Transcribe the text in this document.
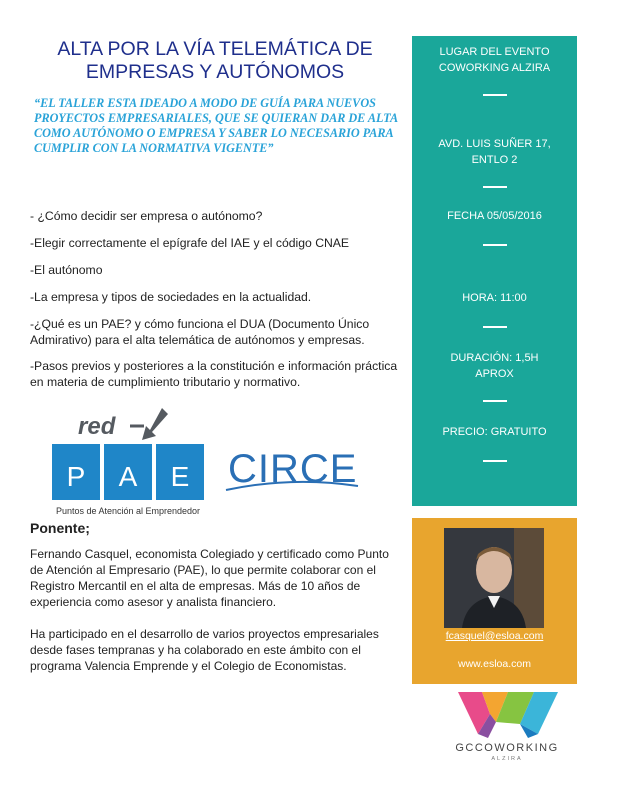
ALTA POR LA VÍA TELEMÁTICA DE
EMPRESAS Y AUTÓNOMOS
“EL TALLER ESTA IDEADO A MODO DE GUÍA PARA NUEVOS PROYECTOS EMPRESARIALES, QUE SE QUIERAN DAR DE ALTA COMO AUTÓNOMO O EMPRESA Y SABER LO NECESARIO PARA CUMPLIR CON LA NORMATIVA VIGENTE”
- ¿Cómo decidir ser empresa o autónomo?
-Elegir correctamente el epígrafe del IAE y el código CNAE
-El autónomo
-La empresa y tipos de sociedades en la actualidad.
-¿Qué es un PAE? y cómo funciona el DUA (Documento Único Admirativo) para el alta telemática de autónomos y empresas.
-Pasos previos y posteriores a la constitución e información práctica en materia de cumplimiento tributario y normativo.
LUGAR DEL EVENTO
COWORKING ALZIRA
AVD. LUIS SUÑER 17,
ENTLO 2
FECHA 05/05/2016
HORA: 11:00
DURACIÓN: 1,5H
APROX
PRECIO: GRATUITO
red
P A E
Puntos de Atención al Emprendedor
CIRCE
Ponente;
Fernando Casquel, economista Colegiado y certificado como Punto de Atención al Empresario (PAE), lo que permite colaborar con el Registro Mercantil en el alta de empresas. Más de 10 años de experiencia como asesor y analista financiero.
Ha participado en el desarrollo de varios proyectos empresariales desde fases tempranas y ha colaborado en este ámbito con el programa Valencia Emprende y el Colegio de Economistas.
fcasquel@esloa.com
www.esloa.com
GCCOWORKING
ALZIRA
